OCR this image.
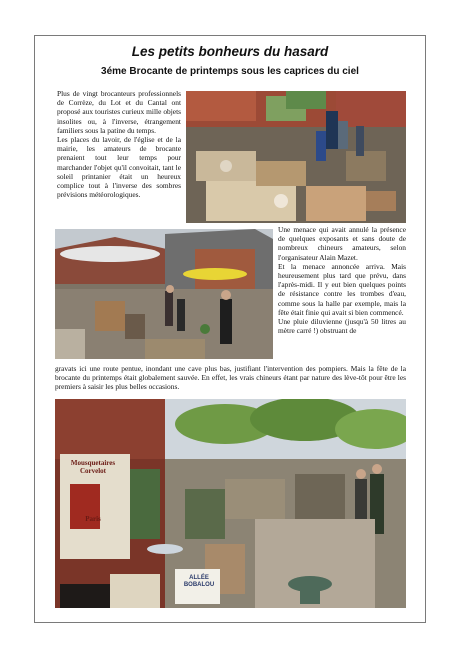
Les petits bonheurs du hasard
3éme Brocante de printemps sous les caprices du ciel

Plus de vingt brocanteurs professionnels de Corrèze, du Lot et du Cantal ont proposé aux touristes curieux mille objets insolites ou, à l'inverse, étrangement familiers sous la patine du temps.

Les places du lavoir, de l'église et de la mairie, les amateurs de brocante prenaient tout leur temps pour marchander l'objet qu'il convoitait, tant le soleil printanier était un heureux complice tout à l'inverse des sombres prévisions météorologiques.

Une menace qui avait annulé la présence de quelques exposants et sans doute de nombreux chineurs amateurs, selon l'organisateur Alain Mazet.

Et la menace annoncée arriva. Mais heureusement plus tard que prévu, dans l'après-midi. Il y eut bien quelques points de résistance contre les trombes d'eau, comme sous la halle par exemple, mais la fête était finie qui avait si bien commencé.

Une pluie diluvienne (jusqu'à 50 litres au mètre carré !) obstruant de

gravats ici une route pentue, inondant une cave plus bas, justifiant l'intervention des pompiers. Mais la fête de la brocante du printemps était globalement sauvée. En effet, les vrais chineurs étant par nature des lève-tôt pour être les premiers à saisir les plus belles occasions.

Mousquetaires
Corvelot
Paris
ALLÉE
BOBALOU
